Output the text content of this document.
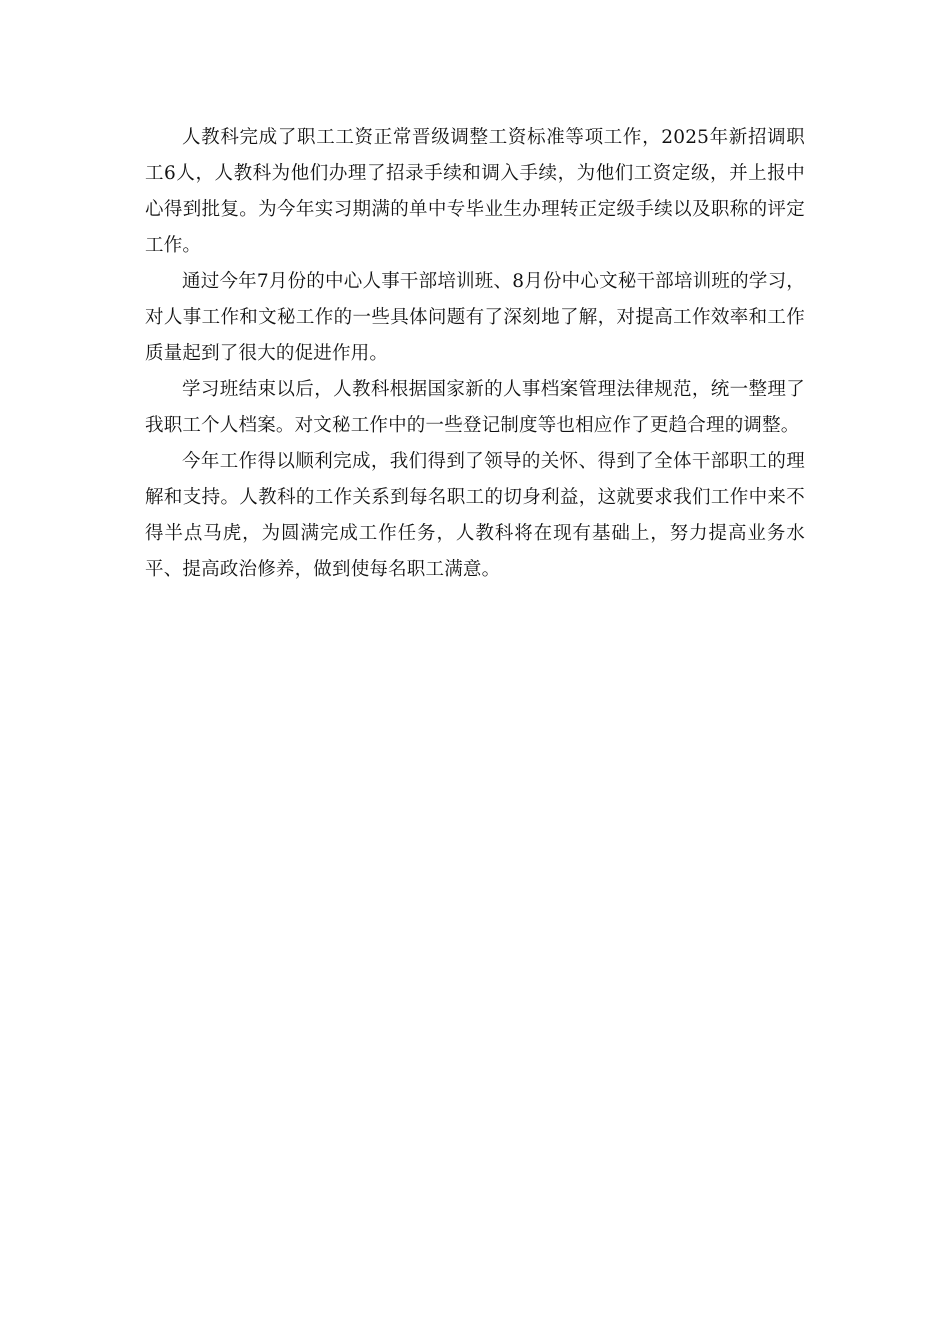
人教科完成了职工工资正常晋级调整工资标准等项工作，2025年新招调职工6人，人教科为他们办理了招录手续和调入手续，为他们工资定级，并上报中心得到批复。为今年实习期满的单中专毕业生办理转正定级手续以及职称的评定工作。

通过今年7月份的中心人事干部培训班、8月份中心文秘干部培训班的学习，对人事工作和文秘工作的一些具体问题有了深刻地了解，对提高工作效率和工作质量起到了很大的促进作用。

学习班结束以后，人教科根据国家新的人事档案管理法律规范，统一整理了我职工个人档案。对文秘工作中的一些登记制度等也相应作了更趋合理的调整。

今年工作得以顺利完成，我们得到了领导的关怀、得到了全体干部职工的理解和支持。人教科的工作关系到每名职工的切身利益，这就要求我们工作中来不得半点马虎，为圆满完成工作任务，人教科将在现有基础上，努力提高业务水平、提高政治修养，做到使每名职工满意。
